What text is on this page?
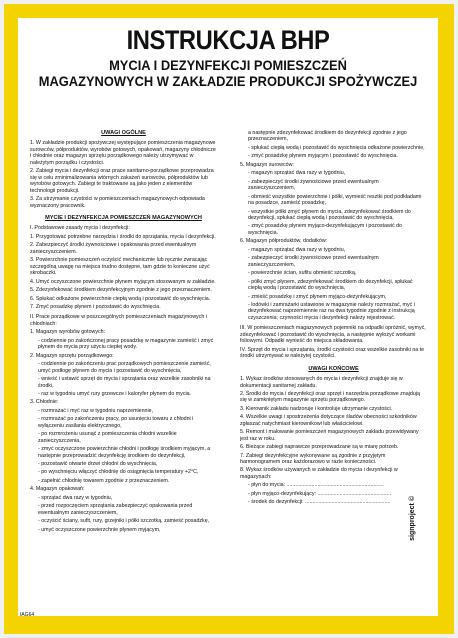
INSTRUKCJA BHP
MYCIA I DEZYNFEKCJI POMIESZCZEŃ
MAGAZYNOWYCH W ZAKŁADZIE PRODUKCJI SPOŻYWCZEJ
UWAGI OGÓLNE
1. W zakładzie produkcji spożywczej występujące pomieszczenia magazynowe surowców, półproduktów, wyrobów gotowych, opakowań, magazyny chłodnicze i chłodnie oraz magazyn sprzętu porządkowego należy utrzymywać w należytym porządku i czystości.
2. Zabiegi mycia i dezynfekcji oraz prace sanitarno-porządkowe przeprowadza się w celu zminimalizowania wtórnych zakażeń surowców, półproduktów lub wyrobów gotowych. Zabiegi te traktowane są jako jeden z elementów technologii produkcji.
3. Za utrzymanie czystości w pomieszczeniach magazynowych odpowiada wyznaczony pracownik.
MYCIE I DEZYNFEKCJA POMIESZCZEŃ MAGAZYNOWYCH
I. Podstawowe zasady mycia i dezynfekcji:
1. Przygotować potrzebne narzędzia i środki do sprzątania, mycia i dezynfekcji.
2. Zabezpieczyć środki żywnościowe i opakowania przed ewentualnym zanieczyszczeniem.
3. Powierzchnie pomieszczeń oczyścić mechanicznie lub ręcznie zwracając szczególną uwagę na miejsca trudno dostępne, tam gdzie to konieczne użyć skrobaczki.
4. Umyć oczyszczone powierzchnie płynem myjącym stosowanym w zakładzie.
5. Zdezynfekować środkiem dezynfekcyjnym zgodnie z jego przeznaczeniem.
6. Spłukać odkażone powierzchnie ciepłą wodą i pozostawić do wyschnięcia.
7. Zmyć posadzkę płynem i pozostawić do wyschnięcia.
II. Prace porządkowe w poszczególnych pomieszczeniach magazynowych i chłodniach:
1. Magazyn wyrobów gotowych:
- codziennie po zakończonej pracy posadzkę w magazynie zamieść i zmyć płynem do mycia przy użyciu ciepłej wody.
2. Magazyn sprzętu porządkowego:
- codziennie po zakończeniu prac porządkowych pomieszczenie zamieść, umyć podłogę płynem do mycia i pozostawić do wyschnięcia,
- wnieść i ustawić sprzęt do mycia i sprzątania oraz wszelkie zasobniki na środki,
- raz w tygodniu umyć rury grzewcze i kaloryfer płynem do mycia.
3. Chłodnie:
- rozmrażać i myć raz w tygodniu naprzemiennie,
- rozmrażać po zakończeniu pracy, po usunięciu towaru z chłodni i wyłączeniu zasilania elektrycznego,
- po rozmrożeniu usunąć z pomieszczenia chłodni wszelkie zanieczyszczenia,
- zmyć oczyszczone powierzchnie chłodni i podłogę środkiem myjącym, a następnie przeprowadzić dezynfekcję środkiem do dezynfekcji,
- pozostawić otwarte drzwi chłodni do wyschnięcia,
- po wyschnięciu włączyć chłodnię do osiągnięcia temperatury +2°C,
- zapełnić chłodnię towarem zgodnie z przeznaczeniem.
4. Magazyn opakowań:
- sprzątać dwa razy w tygodniu,
- przed rozpoczęciem sprzątania zabezpieczyć opakowania przed ewentualnym zanieczyszczeniem,
- oczyścić ściany, sufit, rury, grzejniki i półki szczotką, zamieść posadzkę,
- umyć oczyszczone powierzchnie płynem myjącym,
a następnie zdezynfekować środkiem do dezynfekcji zgodnie z jego przeznaczeniem,
- spłukać ciepłą wodą i pozostawić do wyschnięcia odkażone powierzchnie,
- zmyć posadzkę płynem myjącym i pozostawić do wyschnięcia.
5. Magazyn surowców:
- magazyn sprzątać dwa razy w tygodniu,
- zabezpieczyć środki żywnościowe przed ewentualnym zanieczyszczeniem,
- obmieść wszystkie powierzchnie i półki, wymieść resztki pod podkładami na posadzce, zamieść posadzkę,
- wszystkie półki zmyć płynem do mycia, zdezynfekować środkiem do dezynfekcji, spłukać ciepłą wodą i pozostawić do wyschnięcia,
- zmyć posadzkę płynem myjąco-dezynfekującym i pozostawić do wyschnięcia.
6. Magazyn półproduktów, dodatków:
- magazyn sprzątać dwa razy w tygodniu,
- zabezpieczyć środki żywnościowe przed ewentualnym zanieczyszczeniem,
- powierzchnie ścian, sufitu obmieść szczotką,
- półki zmyć płynem, zdezynfekować środkiem do dezynfekcji, spłukać ciepłą wodą i pozostawić do wyschnięcia,
- zmieść posadzkę i zmyć płynem myjąco-dezynfekującym,
- lodówki i zamrażarki ustawione w magazynie należy rozmrażać, myć i dezynfekować naprzemiennie raz na dwa tygodnie zgodnie z instrukcją czyszczenia; czynności mycia i dezynfekcji należy rejestrować.
III. W pomieszczeniach magazynowych pojemniki na odpadki opróżnić, wymyć, zdezynfekować i pozostawić do wyschnięcia, a następnie wyłożyć workami foliowymi. Odpadki wynieść do miejsca składowania.
IV. Sprzęt do mycia i sprzątania, środki czystości oraz wszelkie zasobniki na te środki utrzymywać w należytej czystości.
UWAGI KOŃCOWE
1. Wykaz środków stosowanych do mycia i dezynfekcji znajduje się w dokumentacji sanitarnej zakładu.
2. Środki do mycia i dezynfekcji oraz sprzęt i narzędzia porządkowe znajdują się w zamkniętym magazynie sprzętu porządkowego.
3. Kierownik zakładu nadzoruje i kontroluje utrzymanie czystości.
4. Wszelkie uwagi i spostrzeżenia dotyczące śladów obecności szkodników zgłaszać natychmiast kierownikowi lub właścicielowi.
5. Remont i malowanie pomieszczeń magazynowych zakładu przewidywany jest raz w roku.
6. Bieżące zabiegi naprawcze przeprowadzane są w miarę potrzeb.
7. Zabiegi dezynfekcyjne wykonywane są zgodnie z przyjętym harmonogramem oraz każdorazowo w razie konieczności.
8. Wykaz środków używanych w zakładzie do mycia i dezynfekcji w magazynach:
- płyn do mycia: ..................................................................
- płyn myjąco-dezynfekujący: ..................................................
- środek do dezynfekcji: ..........................................................	signproject ©
IAG64
